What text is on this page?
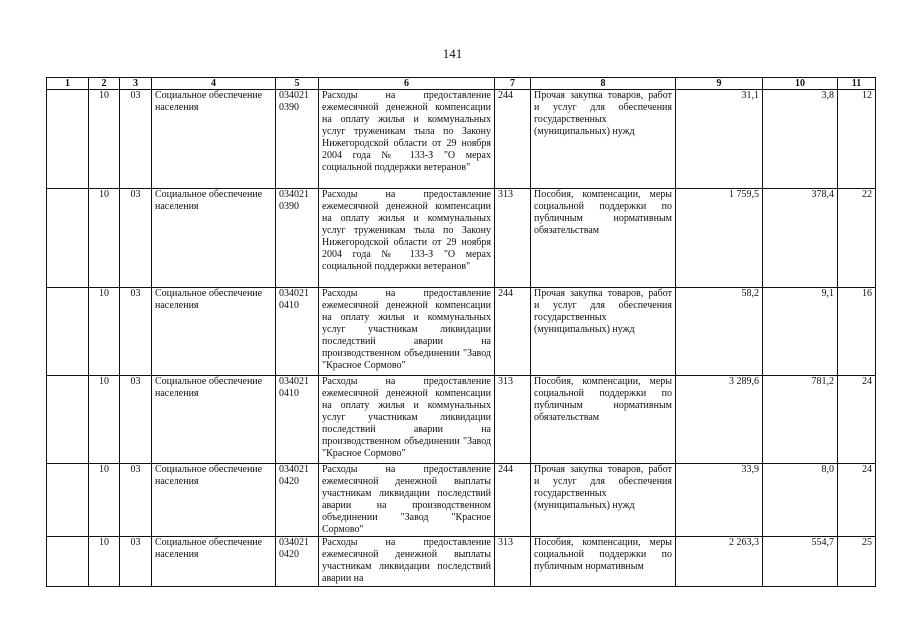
141
1	2	3	4	5	6	7	8	9	10	11
	10	03	Социальное обеспечение населения	034021 0390	Расходы на предоставление ежемесячной денежной компенсации на оплату жилья и коммунальных услуг труженикам тыла по Закону Нижегородской области от 29 ноября 2004 года № 133-З "О мерах социальной поддержки ветеранов"	244	Прочая закупка товаров, работ и услуг для обеспечения государственных (муниципальных) нужд	31,1	3,8	12
	10	03	Социальное обеспечение населения	034021 0390	Расходы на предоставление ежемесячной денежной компенсации на оплату жилья и коммунальных услуг труженикам тыла по Закону Нижегородской области от 29 ноября 2004 года № 133-З "О мерах социальной поддержки ветеранов"	313	Пособия, компенсации, меры социальной поддержки по публичным нормативным обязательствам	1 759,5	378,4	22
	10	03	Социальное обеспечение населения	034021 0410	Расходы на предоставление ежемесячной денежной компенсации на оплату жилья и коммунальных услуг участникам ликвидации последствий аварии на производственном объединении "Завод "Красное Сормово"	244	Прочая закупка товаров, работ и услуг для обеспечения государственных (муниципальных) нужд	58,2	9,1	16
	10	03	Социальное обеспечение населения	034021 0410	Расходы на предоставление ежемесячной денежной компенсации на оплату жилья и коммунальных услуг участникам ликвидации последствий аварии на производственном объединении "Завод "Красное Сормово"	313	Пособия, компенсации, меры социальной поддержки по публичным нормативным обязательствам	3 289,6	781,2	24
	10	03	Социальное обеспечение населения	034021 0420	Расходы на предоставление ежемесячной денежной выплаты участникам ликвидации последствий аварии на производственном объединении "Завод "Красное Сормово"	244	Прочая закупка товаров, работ и услуг для обеспечения государственных (муниципальных) нужд	33,9	8,0	24
	10	03	Социальное обеспечение населения	034021 0420	Расходы на предоставление ежемесячной денежной выплаты участникам ликвидации последствий аварии на	313	Пособия, компенсации, меры социальной поддержки по публичным нормативным	2 263,3	554,7	25
